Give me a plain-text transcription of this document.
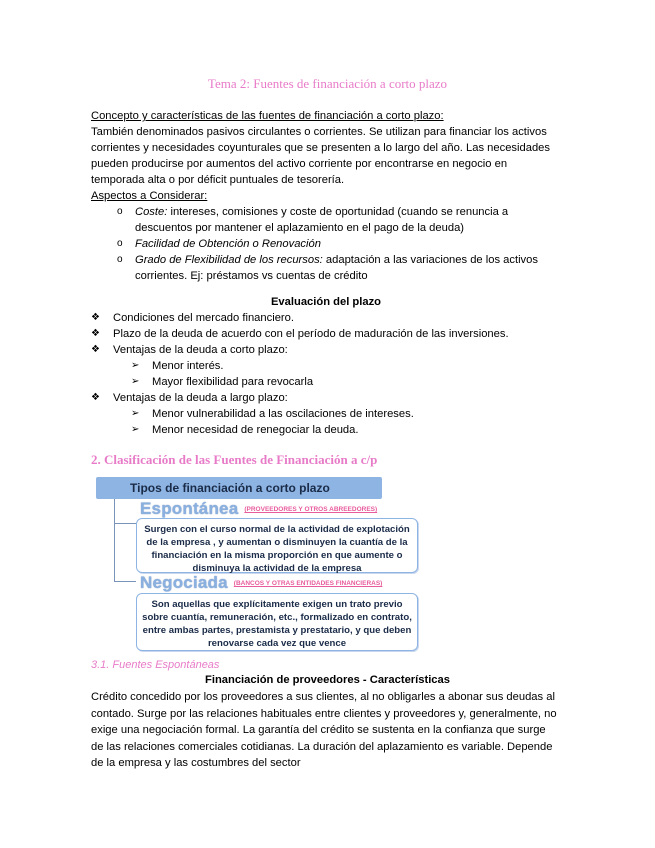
Tema 2: Fuentes de financiación a corto plazo
Concepto y características de las fuentes de financiación a corto plazo:

También denominados pasivos circulantes o corrientes. Se utilizan para financiar los activos corrientes y necesidades coyunturales que se presenten a lo largo del año. Las necesidades pueden producirse por aumentos del activo corriente por encontrarse en negocio en temporada alta o por déficit puntuales de tesorería.

Aspectos a Considerar:
o Coste: intereses, comisiones y coste de oportunidad (cuando se renuncia a descuentos por mantener el aplazamiento en el pago de la deuda)
o Facilidad de Obtención o Renovación
o Grado de Flexibilidad de los recursos: adaptación a las variaciones de los activos corrientes. Ej: préstamos vs cuentas de crédito
Evaluación del plazo
❖ Condiciones del mercado financiero.
❖ Plazo de la deuda de acuerdo con el período de maduración de las inversiones.
❖ Ventajas de la deuda a corto plazo:
➢ Menor interés.
➢ Mayor flexibilidad para revocarla
❖ Ventajas de la deuda a largo plazo:
➢ Menor vulnerabilidad a las oscilaciones de intereses.
➢ Menor necesidad de renegociar la deuda.
2. Clasificación de las Fuentes de Financiación a c/p
Tipos de financiación a corto plazo
Espontánea (PROVEEDORES Y OTROS ABREEDORES)
Surgen con el curso normal de la actividad de explotación de la empresa , y aumentan o disminuyen la cuantía de la financiación en la misma proporción en que aumente o disminuya la actividad de la empresa
Negociada (BANCOS Y OTRAS ENTIDADES FINANCIERAS)
Son aquellas que explícitamente exigen un trato previo sobre cuantía, remuneración, etc., formalizado en contrato, entre ambas partes, prestamista y prestatario, y que deben renovarse cada vez que vence
3.1. Fuentes Espontáneas
Financiación de proveedores - Características

Crédito concedido por los proveedores a sus clientes, al no obligarles a abonar sus deudas al contado. Surge por las relaciones habituales entre clientes y proveedores y, generalmente, no exige una negociación formal. La garantía del crédito se sustenta en la confianza que surge de las relaciones comerciales cotidianas. La duración del aplazamiento es variable. Depende de la empresa y las costumbres del sector
